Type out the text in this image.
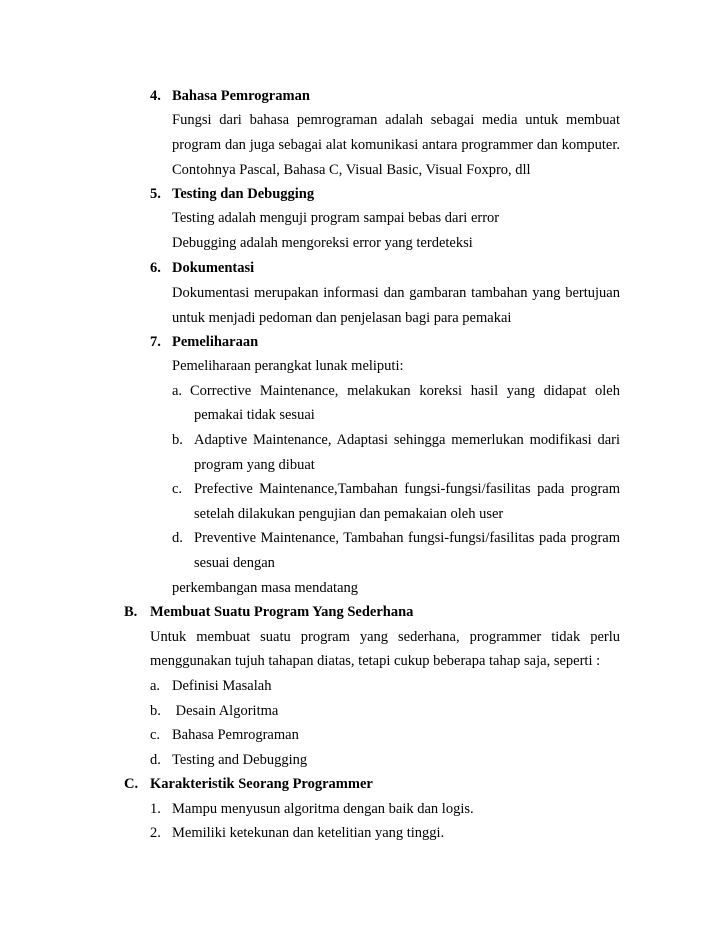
4. Bahasa Pemrograman
Fungsi dari bahasa pemrograman adalah sebagai media untuk membuat
program dan juga sebagai alat komunikasi antara programmer dan komputer.
Contohnya Pascal, Bahasa C, Visual Basic, Visual Foxpro, dll
5. Testing dan Debugging
Testing adalah menguji program sampai bebas dari error
Debugging adalah mengoreksi error yang terdeteksi
6. Dokumentasi
Dokumentasi merupakan informasi dan gambaran tambahan yang bertujuan
untuk menjadi pedoman dan penjelasan bagi para pemakai
7. Pemeliharaan
Pemeliharaan perangkat lunak meliputi:
a. Corrective Maintenance, melakukan koreksi hasil yang didapat oleh
pemakai tidak sesuai
b. Adaptive Maintenance, Adaptasi sehingga memerlukan modifikasi dari
program yang dibuat
c. Prefective Maintenance,Tambahan fungsi-fungsi/fasilitas pada program
setelah dilakukan pengujian dan pemakaian oleh user
d. Preventive Maintenance, Tambahan fungsi-fungsi/fasilitas pada program
sesuai dengan
perkembangan masa mendatang
B. Membuat Suatu Program Yang Sederhana
Untuk membuat suatu program yang sederhana, programmer tidak perlu
menggunakan tujuh tahapan diatas, tetapi cukup beberapa tahap saja, seperti :
a. Definisi Masalah
b. Desain Algoritma
c. Bahasa Pemrograman
d. Testing and Debugging
C. Karakteristik Seorang Programmer
1. Mampu menyusun algoritma dengan baik dan logis.
2. Memiliki ketekunan dan ketelitian yang tinggi.
